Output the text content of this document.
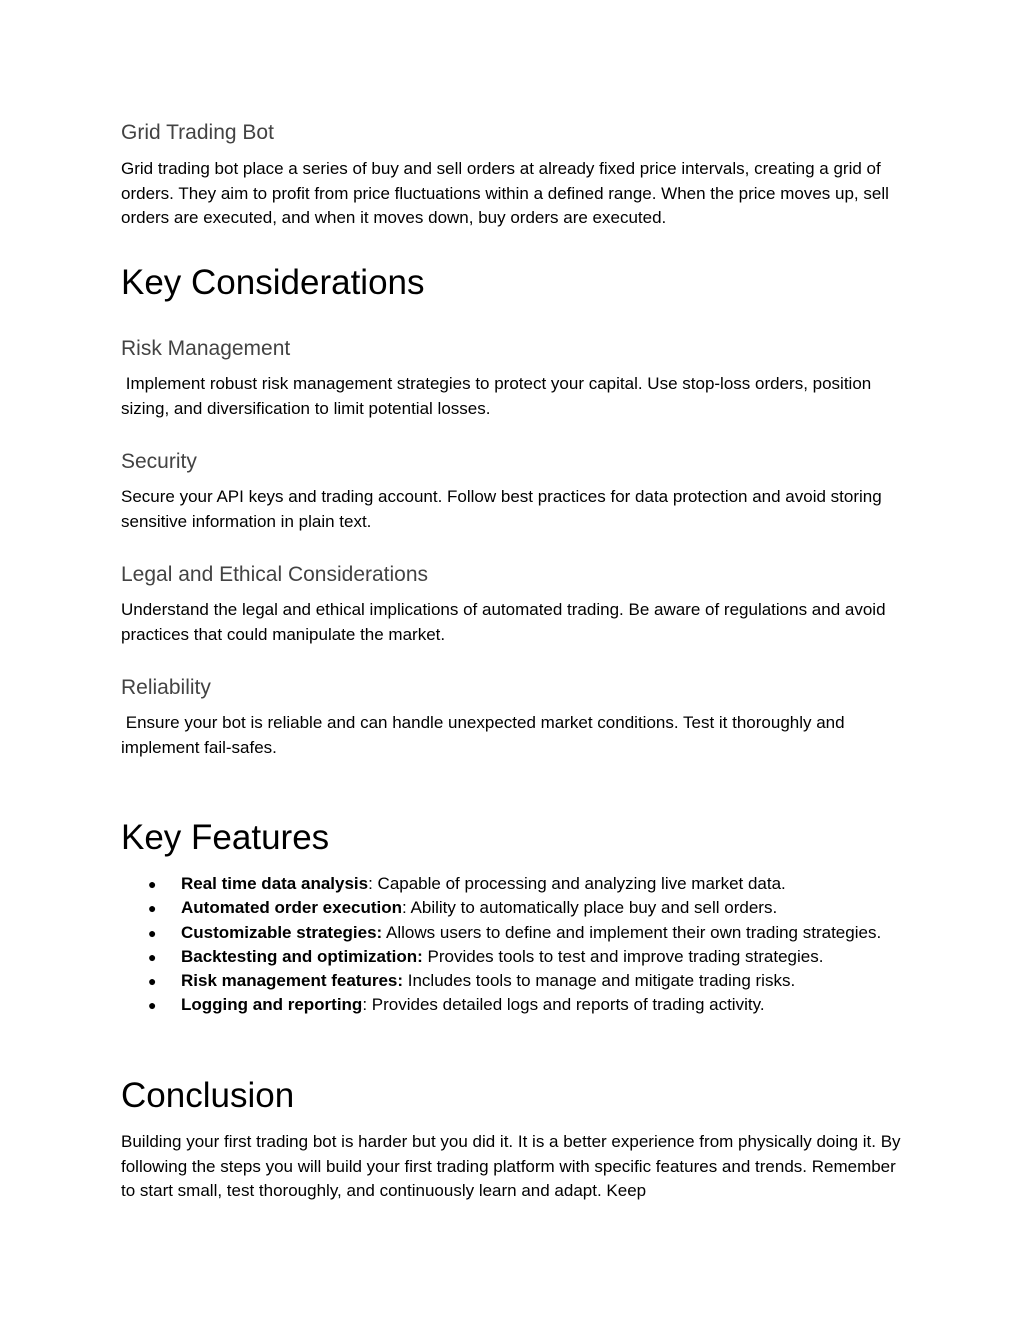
Grid Trading Bot

Grid trading bot place a series of buy and sell orders at already fixed price intervals, creating a grid of orders. They aim to profit from price fluctuations within a defined range. When the price moves up, sell orders are executed, and when it moves down, buy orders are executed.

Key Considerations
Risk Management

Implement robust risk management strategies to protect your capital. Use stop-loss orders, position sizing, and diversification to limit potential losses.

Security

Secure your API keys and trading account. Follow best practices for data protection and avoid storing sensitive information in plain text.

Legal and Ethical Considerations

Understand the legal and ethical implications of automated trading. Be aware of regulations and avoid practices that could manipulate the market.

Reliability

Ensure your bot is reliable and can handle unexpected market conditions. Test it thoroughly and implement fail-safes.

Key Features
● Real time data analysis: Capable of processing and analyzing live market data.
● Automated order execution: Ability to automatically place buy and sell orders.
● Customizable strategies: Allows users to define and implement their own trading strategies.
● Backtesting and optimization: Provides tools to test and improve trading strategies.
● Risk management features: Includes tools to manage and mitigate trading risks.
● Logging and reporting: Provides detailed logs and reports of trading activity.
Conclusion

Building your first trading bot is harder but you did it. It is a better experience from physically doing it. By following the steps you will build your first trading platform with specific features and trends. Remember to start small, test thoroughly, and continuously learn and adapt. Keep
